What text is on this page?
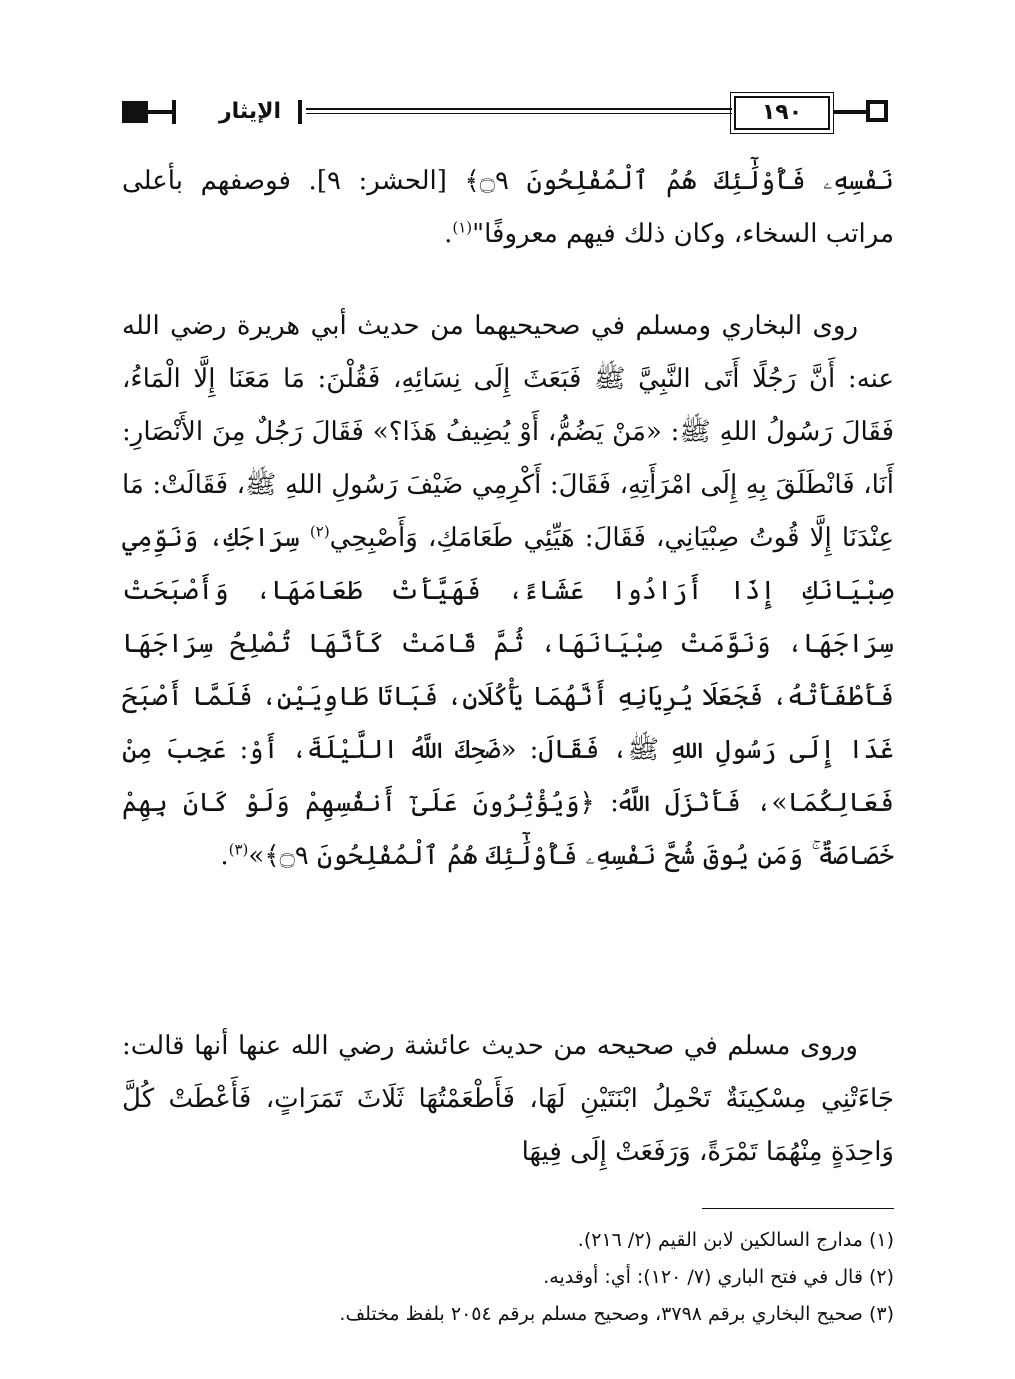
الإيثار	١٩٠
نَفْسِهِۦ فَأُوْلَٰٓئِكَ هُمُ ٱلْمُفْلِحُونَ ۝٩﴾ [الحشر: ٩]. فوصفهم بأعلى مراتب السخاء، وكان ذلك فيهم معروفًا"$^{(١)}$.
روى البخاري ومسلم في صحيحيهما من حديث أبي هريرة رضي الله عنه: أَنَّ رَجُلًا أَتَى النَّبِيَّ ﷺ فَبَعَثَ إِلَى نِسَائِهِ، فَقُلْنَ: مَا مَعَنَا إِلَّا الْمَاءُ، فَقَالَ رَسُولُ اللهِ ﷺ: «مَنْ يَضُمُّ، أَوْ يُضِيفُ هَذَا؟» فَقَالَ رَجُلٌ مِنَ الأَنْصَارِ: أَنَا، فَانْطَلَقَ بِهِ إِلَى امْرَأَتِهِ، فَقَالَ: أَكْرِمِي ضَيْفَ رَسُولِ اللهِ ﷺ، فَقَالَتْ: مَا عِنْدَنَا إِلَّا قُوتُ صِبْيَانِي، فَقَالَ: هَيِّئِي طَعَامَكِ، وَأَصْبِحِي$^{(٢)}$ سِرَاجَكِ، وَنَوِّمِي صِبْيَانَكِ إِذَا أَرَادُوا عَشَاءً، فَهَيَّأَتْ طَعَامَهَا، وَأَصْبَحَتْ سِرَاجَهَا، وَنَوَّمَتْ صِبْيَانَهَا، ثُمَّ قَامَتْ كَأَنَّهَا تُصْلِحُ سِرَاجَهَا فَأَطْفَأَتْهُ، فَجَعَلَا يُرِيَانِهِ أَنَّهُمَا يَأْكُلَانِ، فَبَاتَا طَاوِيَيْنِ، فَلَمَّا أَصْبَحَ غَدَا إِلَى رَسُولِ اللهِ ﷺ، فَقَالَ: «ضَحِكَ اللَّهُ اللَّيْلَةَ، أَوْ: عَجِبَ مِنْ فَعَالِكُمَا»، فَأَنْزَلَ اللَّهُ: ﴿وَيُؤْثِرُونَ عَلَىٰٓ أَنفُسِهِمْ وَلَوْ كَانَ بِهِمْ خَصَاصَةٌ ۚ وَمَن يُوقَ شُحَّ نَفْسِهِۦ فَأُوْلَٰٓئِكَ هُمُ ٱلْمُفْلِحُونَ ۝٩﴾»$^{(٣)}$.
وروى مسلم في صحيحه من حديث عائشة رضي الله عنها أنها قالت: جَاءَتْنِي مِسْكِينَةٌ تَحْمِلُ ابْنَتَيْنِ لَهَا، فَأَطْعَمْتُهَا ثَلَاثَ تَمَرَاتٍ، فَأَعْطَتْ كُلَّ وَاحِدَةٍ مِنْهُمَا تَمْرَةً، وَرَفَعَتْ إِلَى فِيهَا
(١) مدارج السالكين لابن القيم (٢/ ٢١٦).
(٢) قال في فتح الباري (٧/ ١٢٠): أي: أوقديه.
(٣) صحيح البخاري برقم ٣٧٩٨، وصحيح مسلم برقم ٢٠٥٤ بلفظ مختلف.
